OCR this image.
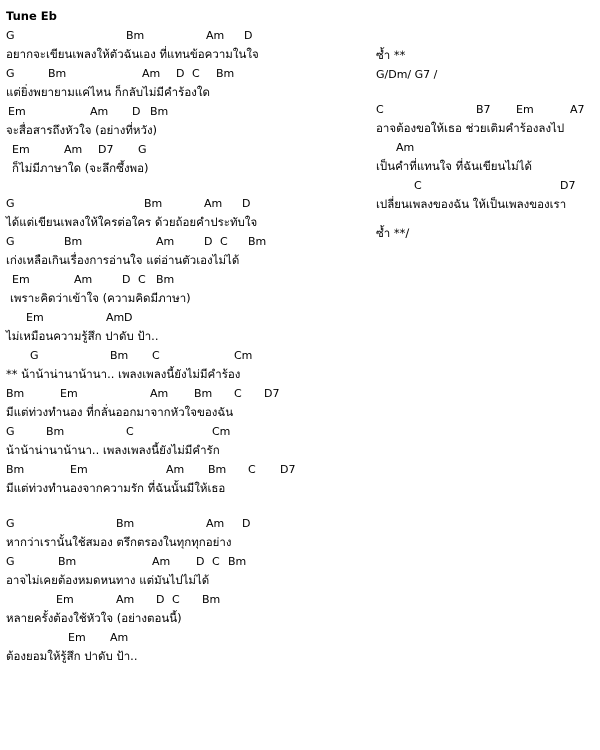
Tune Eb
G	Bm	Am D
อยากจะเขียนเพลงให้ตัวฉันเอง ที่แทนข้อความในใจ
G	Bm	Am D C Bm
แต่ยิ่งพยายามแค่ไหน ก็กลับไม่มีคำร้องใด
Em	Am D Bm
จะสื่อสารถึงหัวใจ (อย่างที่หวัง)
Em	Am D7 G
ก็ไม่มีภาษาใด (จะลึกซึ้งพอ)
G	Bm	Am D
ได้แต่เขียนเพลงให้ใครต่อใคร ด้วยถ้อยคำประทับใจ
G	Bm	Am	D C Bm
เก่งเหลือเกินเรื่องการอ่านใจ แต่อ่านตัวเองไม่ได้
Em	Am	D C Bm
เพราะคิดว่าเข้าใจ (ความคิดมีภาษา)
Em	Am D
ไม่เหมือนความรู้สึก ปาดับ ป้า..
G	Bm C	Cm
** น้าน้าน่านาน้านา.. เพลงเพลงนี้ยังไม่มีคำร้อง
Bm	Em	Am Bm C D7
มีแต่ท่วงทำนอง ที่กลั่นออกมาจากหัวใจของฉัน
G	Bm	C	Cm
น้าน้าน่านาน้านา.. เพลงเพลงนี้ยังไม่มีคำรัก
Bm	Em	Am Bm C D7
มีแต่ท่วงทำนองจากความรัก ที่ฉันนั้นมีให้เธอ
G	Bm	Am D
หากว่าเรานั้นใช้สมอง ตรึกตรองในทุกทุกอย่าง
G	Bm	Am D C Bm
อาจไม่เคยต้องหมดหนทาง แต่มันไปไม่ได้
Em	Am D C Bm
หลายครั้งต้องใช้หัวใจ (อย่างตอนนี้)
Em Am
ต้องยอมให้รู้สึก ปาดับ ป้า..
ซ้ำ **
G/Dm/ G7 /
C	B7 Em	A7
อาจต้องขอให้เธอ ช่วยเติมคำร้องลงไป
Am
เป็นคำที่แทนใจ ที่ฉันเขียนไม่ได้
C	D7
เปลี่ยนเพลงของฉัน ให้เป็นเพลงของเรา
ซ้ำ **/
